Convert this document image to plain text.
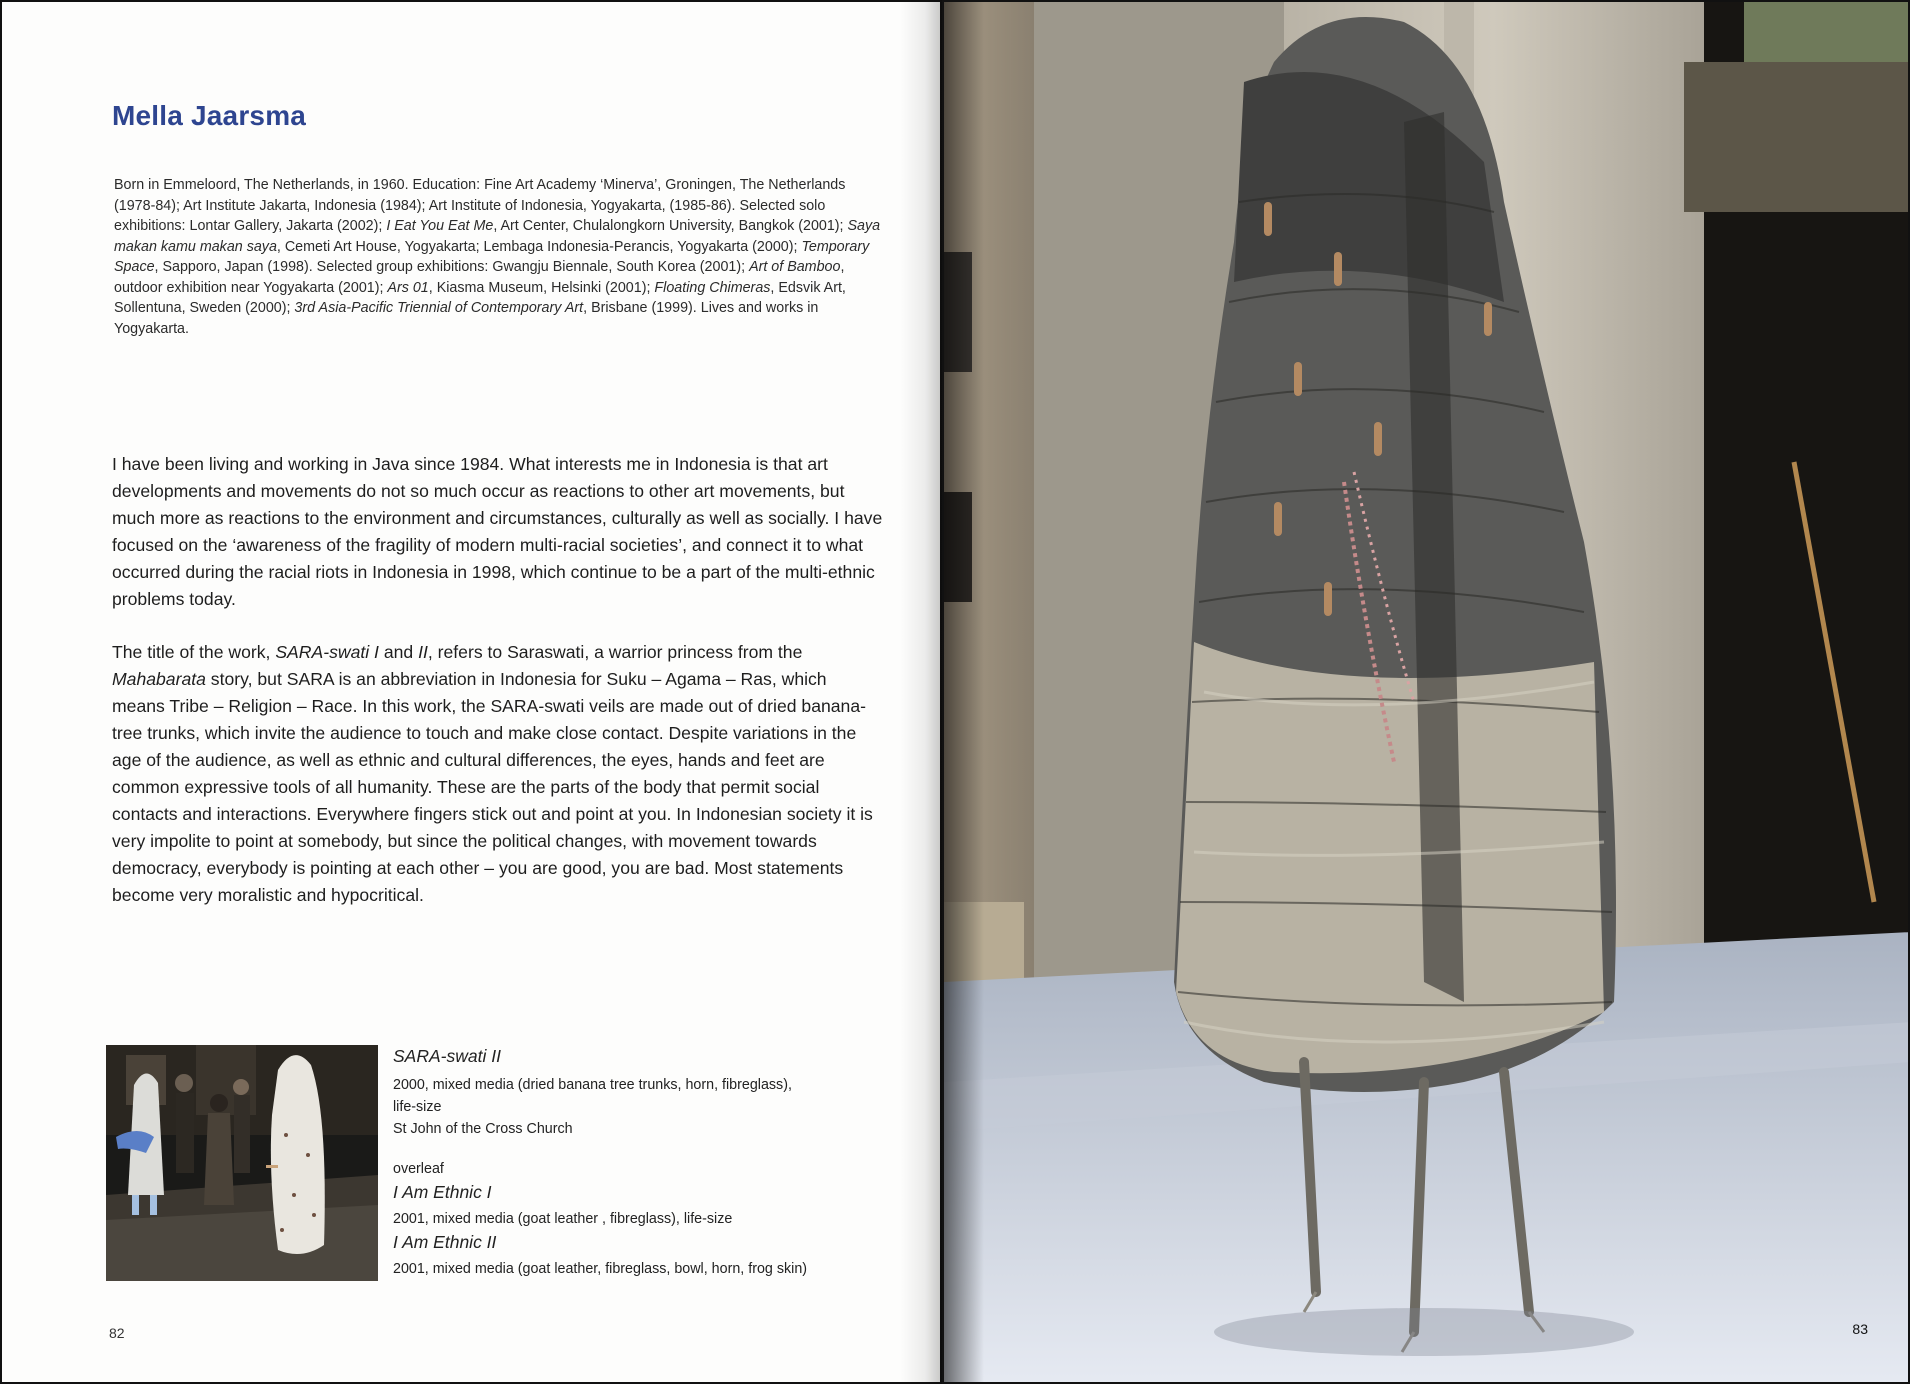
Mella Jaarsma

Born in Emmeloord, The Netherlands, in 1960. Education: Fine Art Academy ‘Minerva’, Groningen, The Netherlands (1978-84); Art Institute Jakarta, Indonesia (1984); Art Institute of Indonesia, Yogyakarta, (1985-86). Selected solo exhibitions: Lontar Gallery, Jakarta (2002); I Eat You Eat Me, Art Center, Chulalongkorn University, Bangkok (2001); Saya makan kamu makan saya, Cemeti Art House, Yogyakarta; Lembaga Indonesia-Perancis, Yogyakarta (2000); Temporary Space, Sapporo, Japan (1998). Selected group exhibitions: Gwangju Biennale, South Korea (2001); Art of Bamboo, outdoor exhibition near Yogyakarta (2001); Ars 01, Kiasma Museum, Helsinki (2001); Floating Chimeras, Edsvik Art, Sollentuna, Sweden (2000); 3rd Asia-Pacific Triennial of Contemporary Art, Brisbane (1999). Lives and works in Yogyakarta.

I have been living and working in Java since 1984. What interests me in Indonesia is that art developments and movements do not so much occur as reactions to other art movements, but much more as reactions to the environment and circumstances, culturally as well as socially. I have focused on the ‘awareness of the fragility of modern multi-racial societies’, and connect it to what occurred during the racial riots in Indonesia in 1998, which continue to be a part of the multi-ethnic problems today.

The title of the work, SARA-swati I and II, refers to Saraswati, a warrior princess from the Mahabarata story, but SARA is an abbreviation in Indonesia for Suku – Agama – Ras, which means Tribe – Religion – Race. In this work, the SARA-swati veils are made out of dried banana-tree trunks, which invite the audience to touch and make close contact. Despite variations in the age of the audience, as well as ethnic and cultural differences, the eyes, hands and feet are common expressive tools of all humanity. These are the parts of the body that permit social contacts and interactions. Everywhere fingers stick out and point at you. In Indonesian society it is very impolite to point at somebody, but since the political changes, with movement towards democracy, everybody is pointing at each other – you are good, you are bad. Most statements become very moralistic and hypocritical.

SARA-swati II

2000, mixed media (dried banana tree trunks, horn, fibreglass),

life-size

St John of the Cross Church

overleaf

I Am Ethnic I

2001, mixed media (goat leather , fibreglass), life-size

I Am Ethnic II

2001, mixed media (goat leather, fibreglass, bowl, horn, frog skin)

82	83
